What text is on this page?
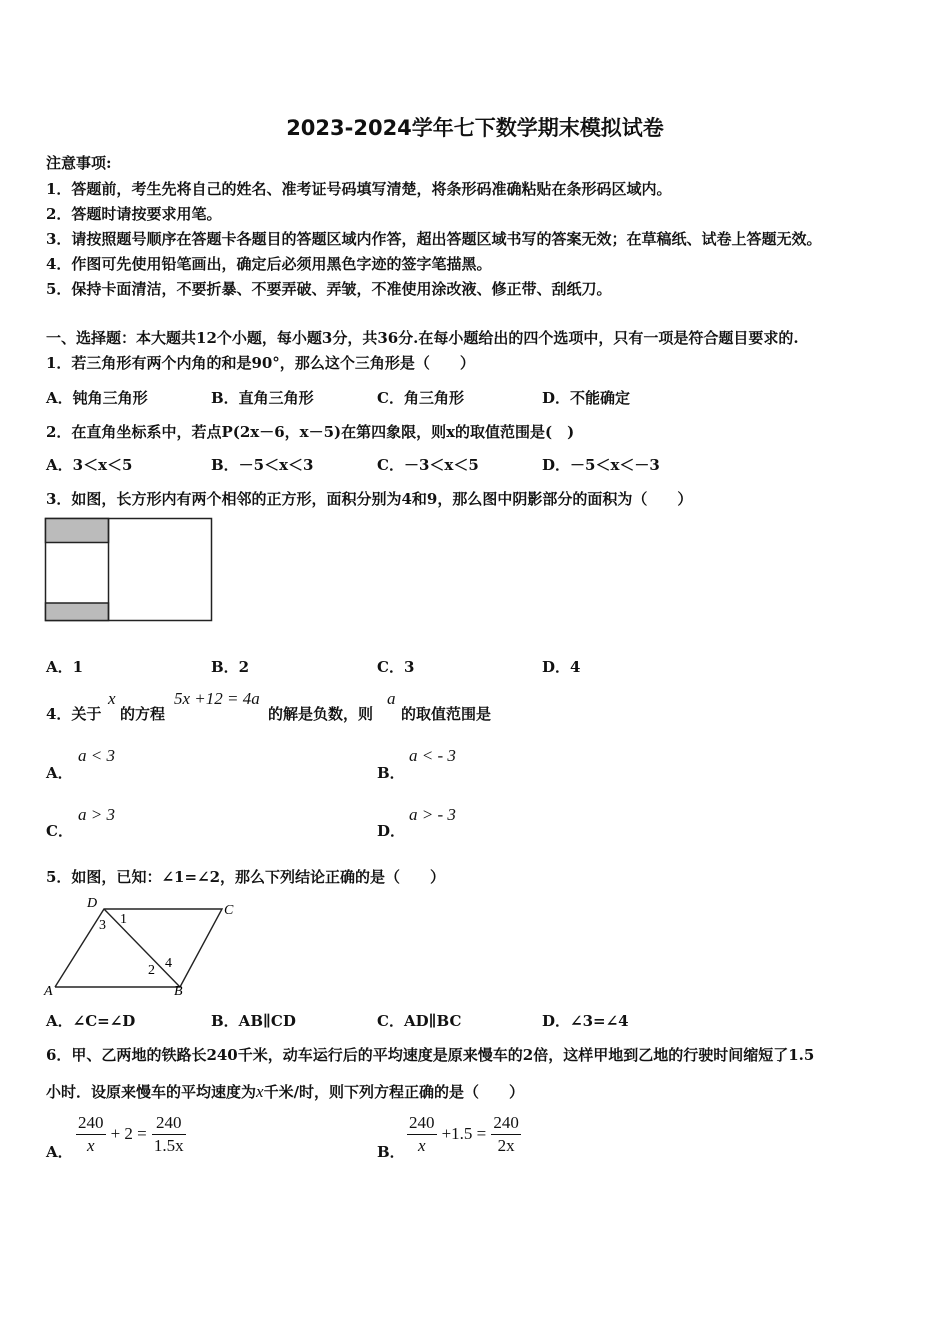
2023-2024学年七下数学期末模拟试卷
注意事项:
1．答题前，考生先将自己的姓名、准考证号码填写清楚，将条形码准确粘贴在条形码区域内。
2．答题时请按要求用笔。
3．请按照题号顺序在答题卡各题目的答题区域内作答，超出答题区域书写的答案无效；在草稿纸、试卷上答题无效。
4．作图可先使用铅笔画出，确定后必须用黑色字迹的签字笔描黑。
5．保持卡面清洁，不要折暴、不要弄破、弄皱，不准使用涂改液、修正带、刮纸刀。
一、选择题：本大题共12个小题，每小题3分，共36分.在每小题给出的四个选项中，只有一项是符合题目要求的.
1．若三角形有两个内角的和是90°，那么这个三角形是（　　）
A．钝角三角形	B．直角三角形	C．角三角形	D．不能确定
2．在直角坐标系中，若点P(2x－6，x－5)在第四象限，则x的取值范围是(　)
A．3＜x＜5	B．－5＜x＜3	C．－3＜x＜5	D．－5＜x＜－3
3．如图，长方形内有两个相邻的正方形，面积分别为4和9，那么图中阴影部分的面积为（　　）
A．1	B．2	C．3	D．4
4．关于
x
的方程
5x +12 = 4a
的解是负数，则
a
的取值范围是
A．
a < 3
B．
a < - 3
C．
a > 3
D．
a > - 3
5．如图，已知：∠1=∠2，那么下列结论正确的是（　　）
D	C
A	B
1
3
2 4
A．∠C=∠D	B．AB∥CD	C．AD∥BC	D．∠3=∠4
6．甲、乙两地的铁路长240千米，动车运行后的平均速度是原来慢车的2倍，这样甲地到乙地的行驶时间缩短了1.5
小时．设原来慢车的平均速度为x千米/时，则下列方程正确的是（　　）
A． $\frac{240}{x} + 2 = \frac{240}{1.5x}$	B． $\frac{240}{x} +1.5 = \frac{240}{2x}$
